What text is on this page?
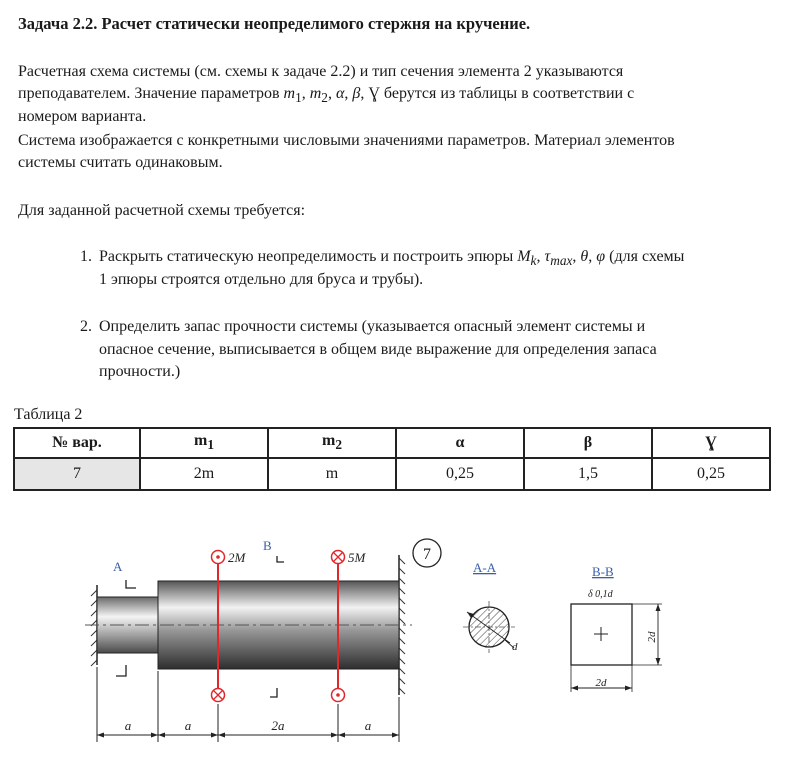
Задача 2.2. Расчет статически неопределимого стержня на кручение.
Расчетная схема системы (см. схемы к задаче 2.2) и тип сечения элемента 2 указываются
преподавателем. Значение параметров $m_1$, $m_2$, α, β, Ɣ берутся из таблицы в соответствии с
номером варианта.
Система изображается с конкретными числовыми значениями параметров. Материал элементов
системы считать одинаковым.
Для заданной расчетной схемы требуется:
1. Раскрыть статическую неопределимость и построить эпюры $M_k$, $\tau_{max}$, θ, φ (для схемы
1 эпюры строятся отдельно для бруса и трубы).
2. Определить запас прочности системы (указывается опасный элемент системы и
опасное сечение, выписывается в общем виде выражение для определения запаса
прочности.)
Таблица 2
№ вар.	$m_1$	$m_2$	α	β	Ɣ
7	2m	m	0,25	1,5	0,25
2M	5M
A
B
7
a	a	2a	a
A-A
d
B-B
δ 0,1d
2d
2d
